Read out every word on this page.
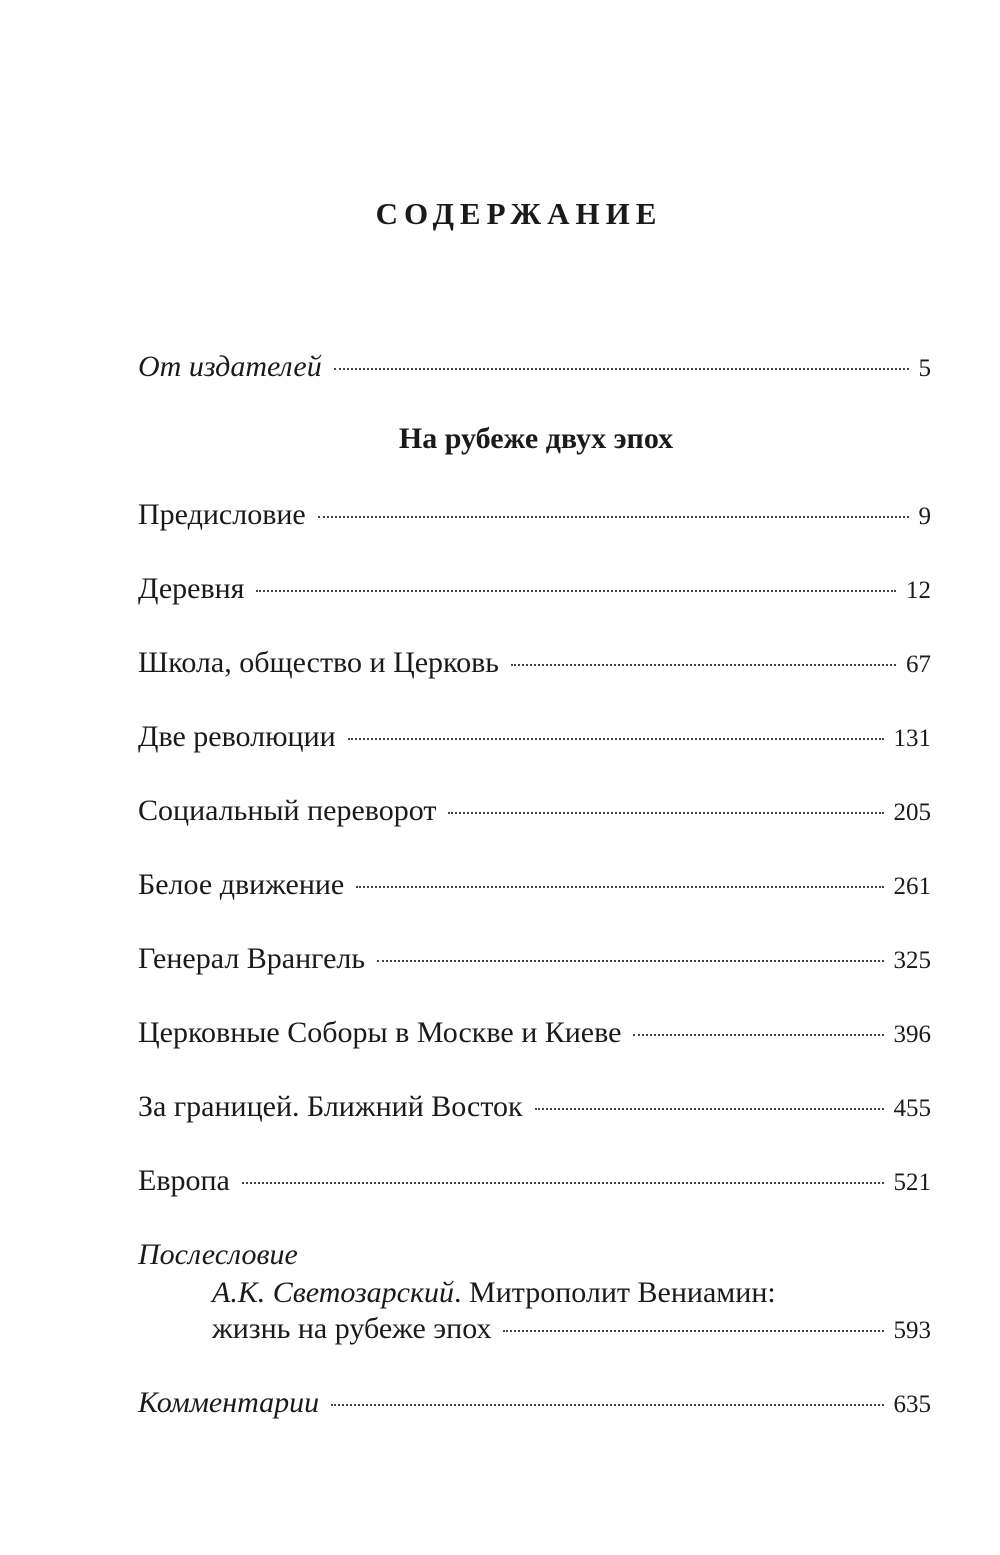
СОДЕРЖАНИЕ
От издателей	5
На рубеже двух эпох
Предисловие	9
Деревня	12
Школа, общество и Церковь	67
Две революции	131
Социальный переворот	205
Белое движение	261
Генерал Врангель	325
Церковные Соборы в Москве и Киеве	396
За границей. Ближний Восток	455
Европа	521
Послесловие
А.К. Светозарский. Митрополит Вениамин:
жизнь на рубеже эпох	593
Комментарии	635
